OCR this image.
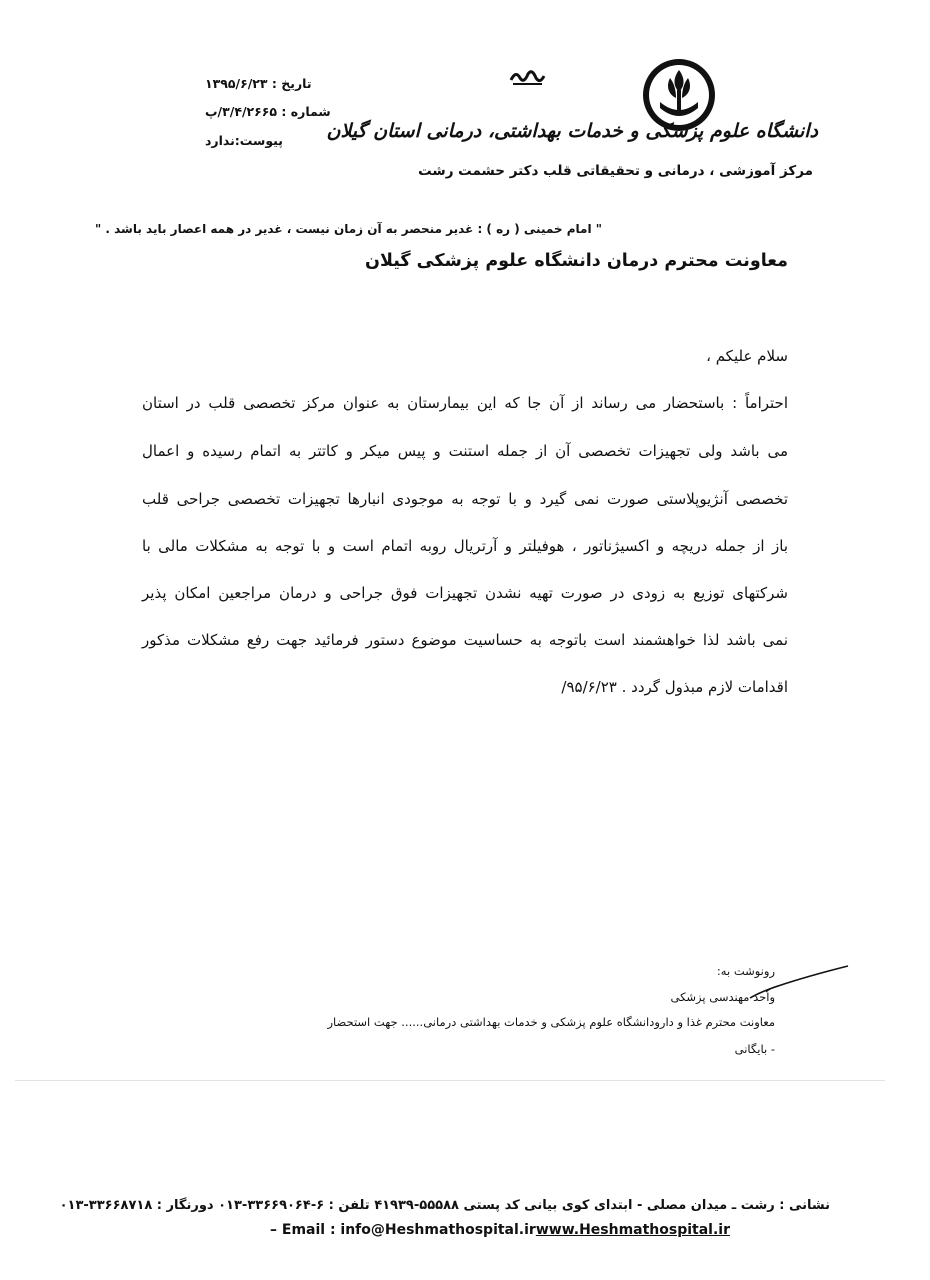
تاریخ : ۱۳۹۵/۶/۲۳
شماره : ۳/۴/۲۶۶۵/پ
پیوست:ندارد	دانشگاه علوم پزشکی و خدمات بهداشتی، درمانی استان گیلان
مرکز آموزشی ، درمانی و تحقیقاتی قلب دکتر حشمت رشت
" امام خمینی ( ره ) : غدیر منحصر به آن زمان نیست ، غدیر در همه اعصار باید باشد . "
معاونت محترم درمان دانشگاه علوم پزشکی گیلان
سلام علیکم ،
احتراماً : باستحضار می رساند از آن جا که این بیمارستان به عنوان مرکز تخصصی قلب در استان
می باشد ولی تجهیزات تخصصی آن از جمله استنت و پیس میکر و کاتتر به اتمام رسیده و اعمال
تخصصی آنژیوپلاستی صورت نمی گیرد و با توجه به موجودی انبارها تجهیزات تخصصی جراحی قلب
باز از جمله دریچه و اکسیژناتور ، هوفیلتر و آرتریال روبه اتمام است و با توجه به مشکلات مالی با
شرکتهای توزیع به زودی در صورت تهیه نشدن تجهیزات فوق جراحی و درمان مراجعین امکان پذیر
نمی باشد لذا خواهشمند است باتوجه به حساسیت موضوع دستور فرمائید جهت رفع مشکلات مذکور
اقدامات لازم مبذول گردد . ۹۵/۶/۲۳/
رونوشت به:
واحد مهندسی پزشکی
معاونت محترم غذا و دارودانشگاه علوم پزشکی و خدمات بهداشتی درمانی...... جهت استحضار
- بایگانی
نشانی : رشت ـ میدان مصلی - ابتدای کوی بیانی کد پستی ۵۵۵۸۸-۴۱۹۳۹ تلفن : ۶-۳۳۶۶۹۰۶۴-۰۱۳ دورنگار : ۳۳۶۶۸۷۱۸-۰۱۳
– Email : info@Heshmathospital.irwww.Heshmathospital.ir
